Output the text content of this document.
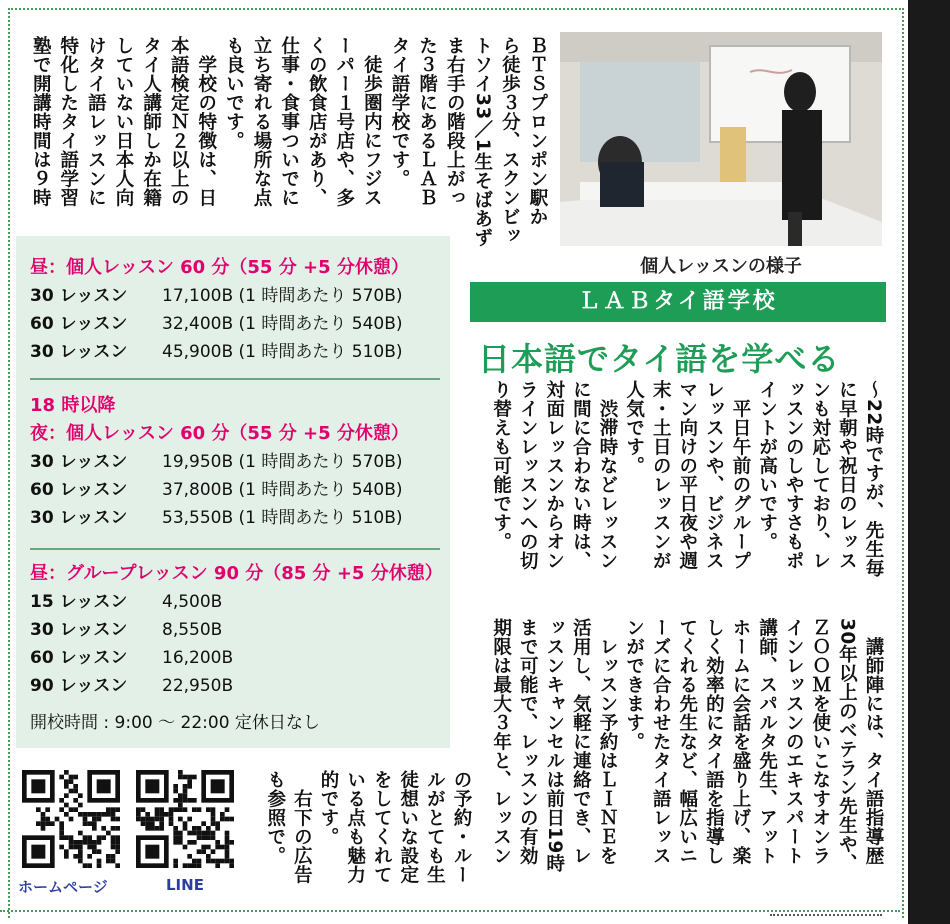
ＢＴＳプロンポン駅か
ら徒歩３分、スクンビッ
トソイ33／1生そばあず
ま右手の階段上がっ
た３階にあるＬＡＢ
タイ語学校です。
　徒歩圏内にフジス
ーパー１号店や、多
くの飲食店があり、
仕事・食事ついでに
立ち寄れる場所な点
も良いです。
　学校の特徴は、日
本語検定Ｎ２以上の
タイ人講師しか在籍
していない日本人向
けタイ語レッスンに
特化したタイ語学習
塾で開講時間は９時
〜22時ですが、先生毎
に早朝や祝日のレッス
ンも対応しており、レ
ッスンのしやすさもポ
イントが高いです。
　平日午前のグループ
レッスンや、ビジネス
マン向けの平日夜や週
末・土日のレッスンが
人気です。
　渋滞時などレッスン
に間に合わない時は、
対面レッスンからオン
ラインレッスンへの切
り替えも可能です。
　講師陣には、タイ語指導歴
30年以上のベテラン先生や、
ＺＯＯＭを使いこなすオンラ
インレッスンのエキスパート
講師、スパルタ先生、アット
ホームに会話を盛り上げ、楽
しく効率的にタイ語を指導し
てくれる先生など、幅広いニ
ーズに合わせたタイ語レッス
ンができます。
　レッスン予約はＬＩＮＥを
活用し、気軽に連絡でき、レ
ッスンキャンセルは前日19時
まで可能で、レッスンの有効
期限は最大３年と、レッスン
の予約・ルー
ルがとても生
徒想いな設定
をしてくれて
いる点も魅力
的です。
　右下の広告
も参照で。
個人レッスンの様子
ＬＡＢタイ語学校
日本語でタイ語を学べる
昼：個人レッスン 60 分（55 分 +5 分休憩）
30 レッスン 17,100B (1 時間あたり 570B)
60 レッスン 32,400B (1 時間あたり 540B)
30 レッスン 45,900B (1 時間あたり 510B)
18 時以降
夜：個人レッスン 60 分（55 分 +5 分休憩）
30 レッスン 19,950B (1 時間あたり 570B)
60 レッスン 37,800B (1 時間あたり 540B)
30 レッスン 53,550B (1 時間あたり 510B)
昼：グループレッスン 90 分（85 分 +5 分休憩）
15 レッスン 4,500B
30 レッスン 8,550B
60 レッスン 16,200B
90 レッスン 22,950B
開校時間 : 9:00 〜 22:00 定休日なし
ホームページ	LINE
